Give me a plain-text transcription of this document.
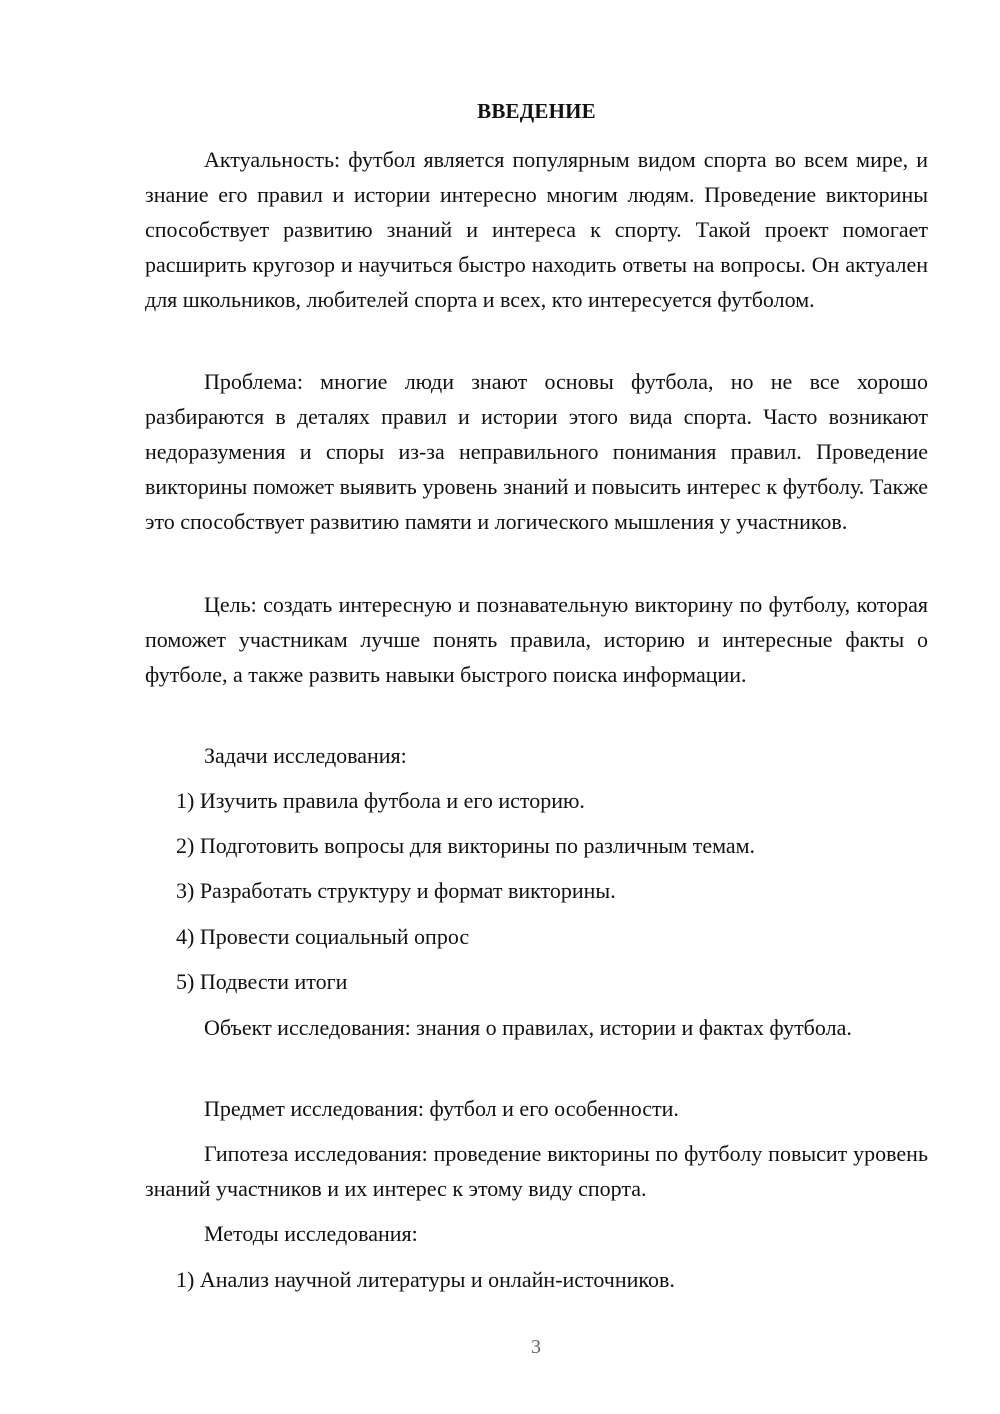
ВВЕДЕНИЕ

Актуальность: футбол является популярным видом спорта во всем мире, и знание его правил и истории интересно многим людям. Проведение викторины способствует развитию знаний и интереса к спорту. Такой проект помогает расширить кругозор и научиться быстро находить ответы на вопросы. Он актуален для школьников, любителей спорта и всех, кто интересуется футболом.

Проблема: многие люди знают основы футбола, но не все хорошо разбираются в деталях правил и истории этого вида спорта. Часто возникают недоразумения и споры из-за неправильного понимания правил. Проведение викторины поможет выявить уровень знаний и повысить интерес к футболу. Также это способствует развитию памяти и логического мышления у участников.

Цель: создать интересную и познавательную викторину по футболу, которая поможет участникам лучше понять правила, историю и интересные факты о футболе, а также развить навыки быстрого поиска информации.

Задачи исследования:

1) Изучить правила футбола и его историю.

2) Подготовить вопросы для викторины по различным темам.

3) Разработать структуру и формат викторины.

4) Провести социальный опрос

5) Подвести итоги

Объект исследования: знания о правилах, истории и фактах футбола.

Предмет исследования: футбол и его особенности.

Гипотеза исследования: проведение викторины по футболу повысит уровень знаний участников и их интерес к этому виду спорта.

Методы исследования:

1) Анализ научной литературы и онлайн-источников.

3
